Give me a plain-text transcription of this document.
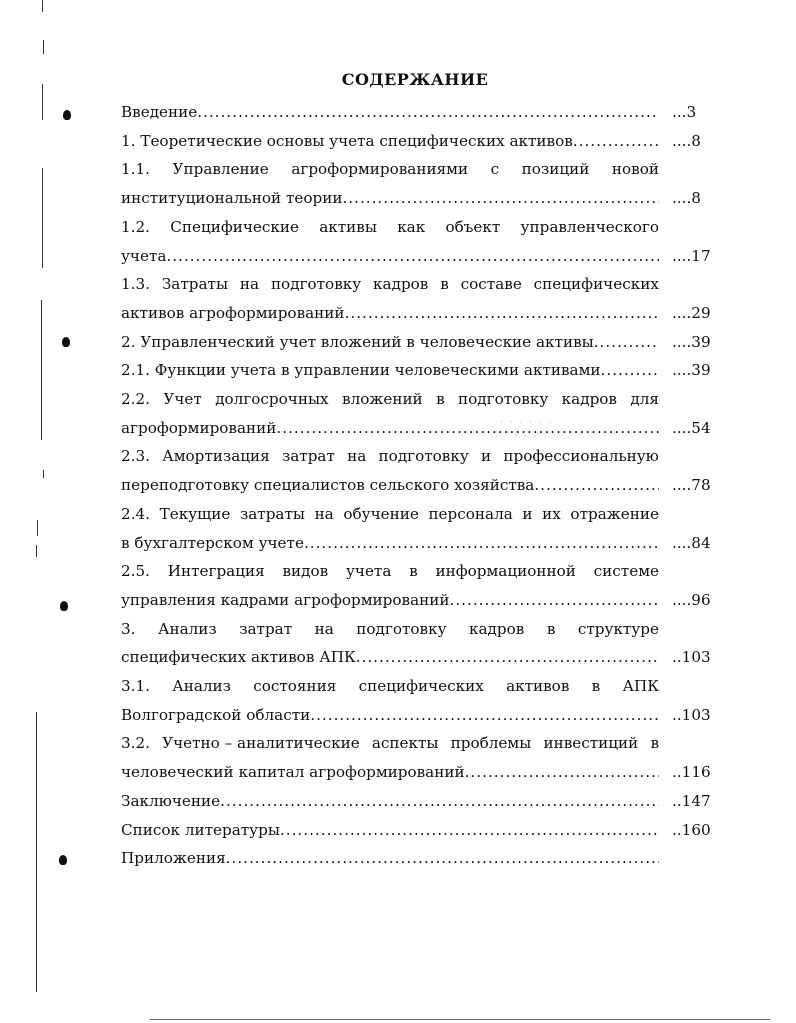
СОДЕРЖАНИЕ
Введение .....	...3
1. Теоретические основы учета специфических активов .....	....8
1.1. Управление агроформированиями с позиций новой
институциональной теории .....	....8
1.2. Специфические активы как объект управленческого
учета .....	....17
1.3. Затраты на подготовку кадров в составе специфических
активов агроформирований .....	....29
2. Управленческий учет вложений в человеческие активы .....	....39
2.1. Функции учета в управлении человеческими активами .....	....39
2.2. Учет долгосрочных вложений в подготовку кадров для
агроформирований .....	....54
2.3. Амортизация затрат на подготовку и профессиональную
переподготовку специалистов сельского хозяйства .....	....78
2.4. Текущие затраты на обучение персонала и их отражение
в бухгалтерском учете .....	....84
2.5. Интеграция видов учета в информационной системе
управления кадрами агроформирований .....	....96
3. Анализ затрат на подготовку кадров в структуре
специфических активов АПК .....	..103
3.1. Анализ состояния специфических активов в АПК
Волгоградской области .....	..103
3.2. Учетно – аналитические аспекты проблемы инвестиций в
человеческий капитал агроформирований .....	..116
Заключение .....	..147
Список литературы .....	..160
Приложения
.....
· · · · · ·
· · · · · · ·
